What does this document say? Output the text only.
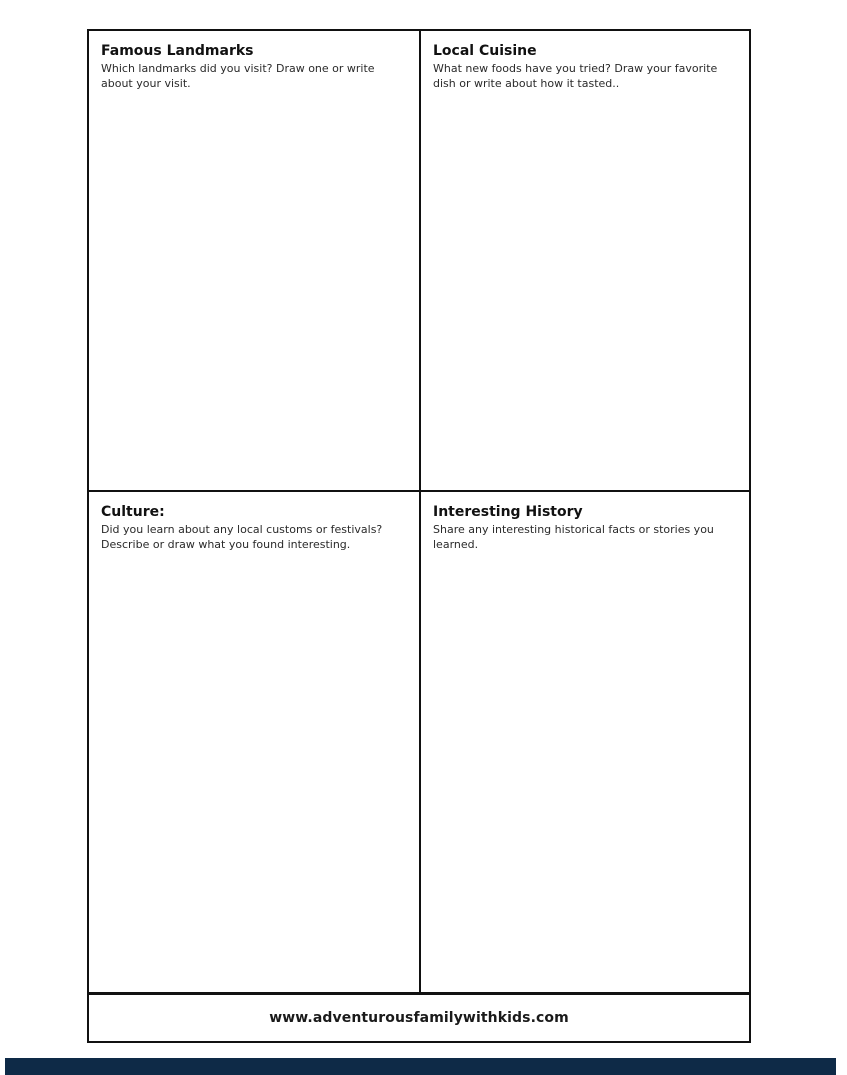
Famous Landmarks

Which landmarks did you visit? Draw one or write about your visit.

Local Cuisine

What new foods have you tried? Draw your favorite dish or write about how it tasted..

Culture:

Did you learn about any local customs or festivals? Describe or draw what you found interesting.

Interesting History

Share any interesting historical facts or stories you learned.

www.adventurousfamilywithkids.com
